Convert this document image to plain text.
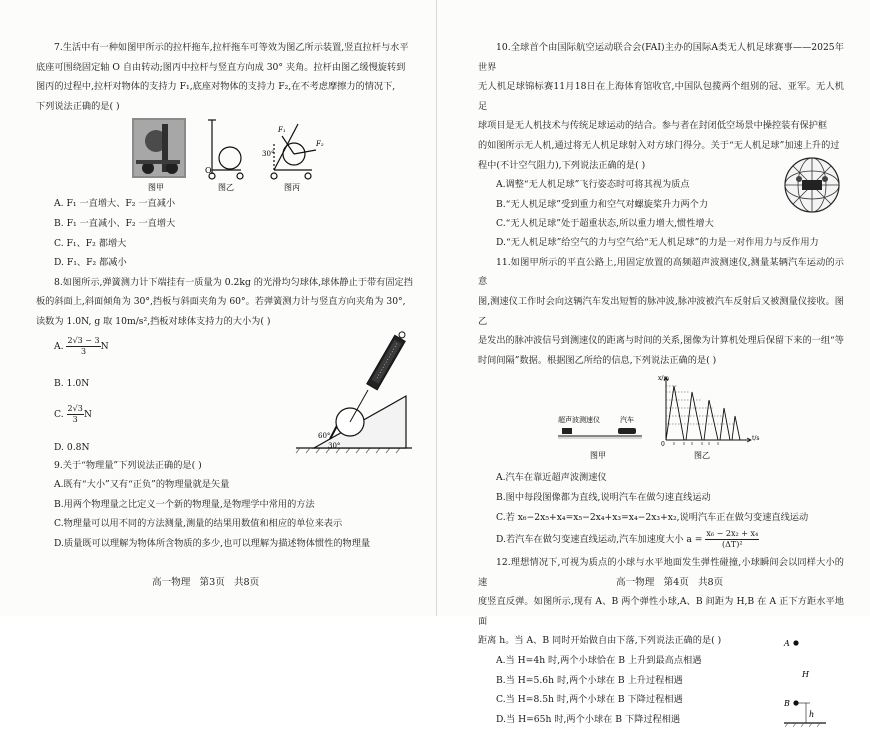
7.生活中有一种如图甲所示的拉杆拖车,拉杆拖车可等效为图乙所示装置,竖直拉杆与水平

底座可围绕固定轴 O 自由转动;图丙中拉杆与竖直方向成 30° 夹角。拉杆由图乙缓慢旋转到

图丙的过程中,拉杆对物体的支持力 F₁,底座对物体的支持力 F₂,在不考虑摩擦力的情况下,

下列说法正确的是( )

O
F₁
F₂
30°
图甲	图乙	图丙

A. F₁ 一直增大、F₂ 一直减小

B. F₁ 一直减小、F₂ 一直增大

C. F₁、F₂ 都增大

D. F₁、F₂ 都减小

8.如图所示,弹簧测力计下端挂有一质量为 0.2kg 的光滑均匀球体,球体静止于带有固定挡

板的斜面上,斜面倾角为 30°,挡板与斜面夹角为 60°。若弹簧测力计与竖直方向夹角为 30°,

读数为 1.0N, g 取 10m/s²,挡板对球体支持力的大小为( )

A. $\frac{2√3 - 3}{3}$ N
B. 1.0N
C. $\frac{2√3}{3}$ N
D. 0.8N
60°
30°

9.关于“物理量”下列说法正确的是( )

A.既有“大小”又有“正负”的物理量就是矢量

B.用两个物理量之比定义一个新的物理量,是物理学中常用的方法

C.物理量可以用不同的方法测量,测量的结果用数值和相应的单位来表示

D.质量既可以理解为物体所含物质的多少,也可以理解为描述物体惯性的物理量

高一物理   第3页   共8页

10.全球首个由国际航空运动联合会(FAI)主办的国际A类无人机足球赛事——2025年世界

无人机足球锦标赛11月18日在上海体育馆收官,中国队包揽两个组别的冠、亚军。无人机足

球项目是无人机技术与传统足球运动的结合。参与者在封闭低空场景中操控装有保护框

的如图所示无人机,通过将无人机足球射入对方球门得分。关于“无人机足球”加速上升的过

程中(不计空气阻力),下列说法正确的是( )

A.调整“无人机足球”飞行姿态时可将其视为质点

B.“无人机足球”受到重力和空气对螺旋桨升力两个力

C.“无人机足球”处于超重状态,所以重力增大,惯性增大

D.“无人机足球”给空气的力与空气给“无人机足球”的力是一对作用力与反作用力

11.如图甲所示的平直公路上,用固定放置的高频超声波测速仪,测量某辆汽车运动的示意

图,测速仪工作时会向这辆汽车发出短暂的脉冲波,脉冲波被汽车反射后又被测量仪接收。图乙

是发出的脉冲波信号到测速仪的距离与时间的关系,图像为计算机处理后保留下来的一组“等

时间间隔”数据。根据图乙所给的信息,下列说法正确的是( )

超声波测速仪	汽车
图甲
x/m
t/s
0
图乙

A.汽车在靠近超声波测速仪

B.图中每段图像都为直线,说明汽车在做匀速直线运动

C.若 x₆−2x₅+x₄=x₅−2x₄+x₃=x₄−2x₃+x₂,说明汽车正在做匀变速直线运动

D.若汽车在做匀变速直线运动,汽车加速度大小 $a = \frac{\text{x₆ − 2x₂ + x₄}}{\text{(ΔT)²}}$

12.理想情况下,可视为质点的小球与水平地面发生弹性碰撞,小球瞬间会以同样大小的速

度竖直反弹。如图所示,现有 A、B 两个弹性小球,A、B 间距为 H,B 在 A 正下方距水平地面

距离 h。当 A、B 同时开始做自由下落,下列说法正确的是( )

A.当 H=4h 时,两个小球恰在 B 上升到最高点相遇

B.当 H=5.6h 时,两个小球在 B 上升过程相遇

C.当 H=8.5h 时,两个小球在 B 下降过程相遇

D.当 H=65h 时,两个小球在 B 下降过程相遇

A
B
H
h
高一物理   第4页   共8页
